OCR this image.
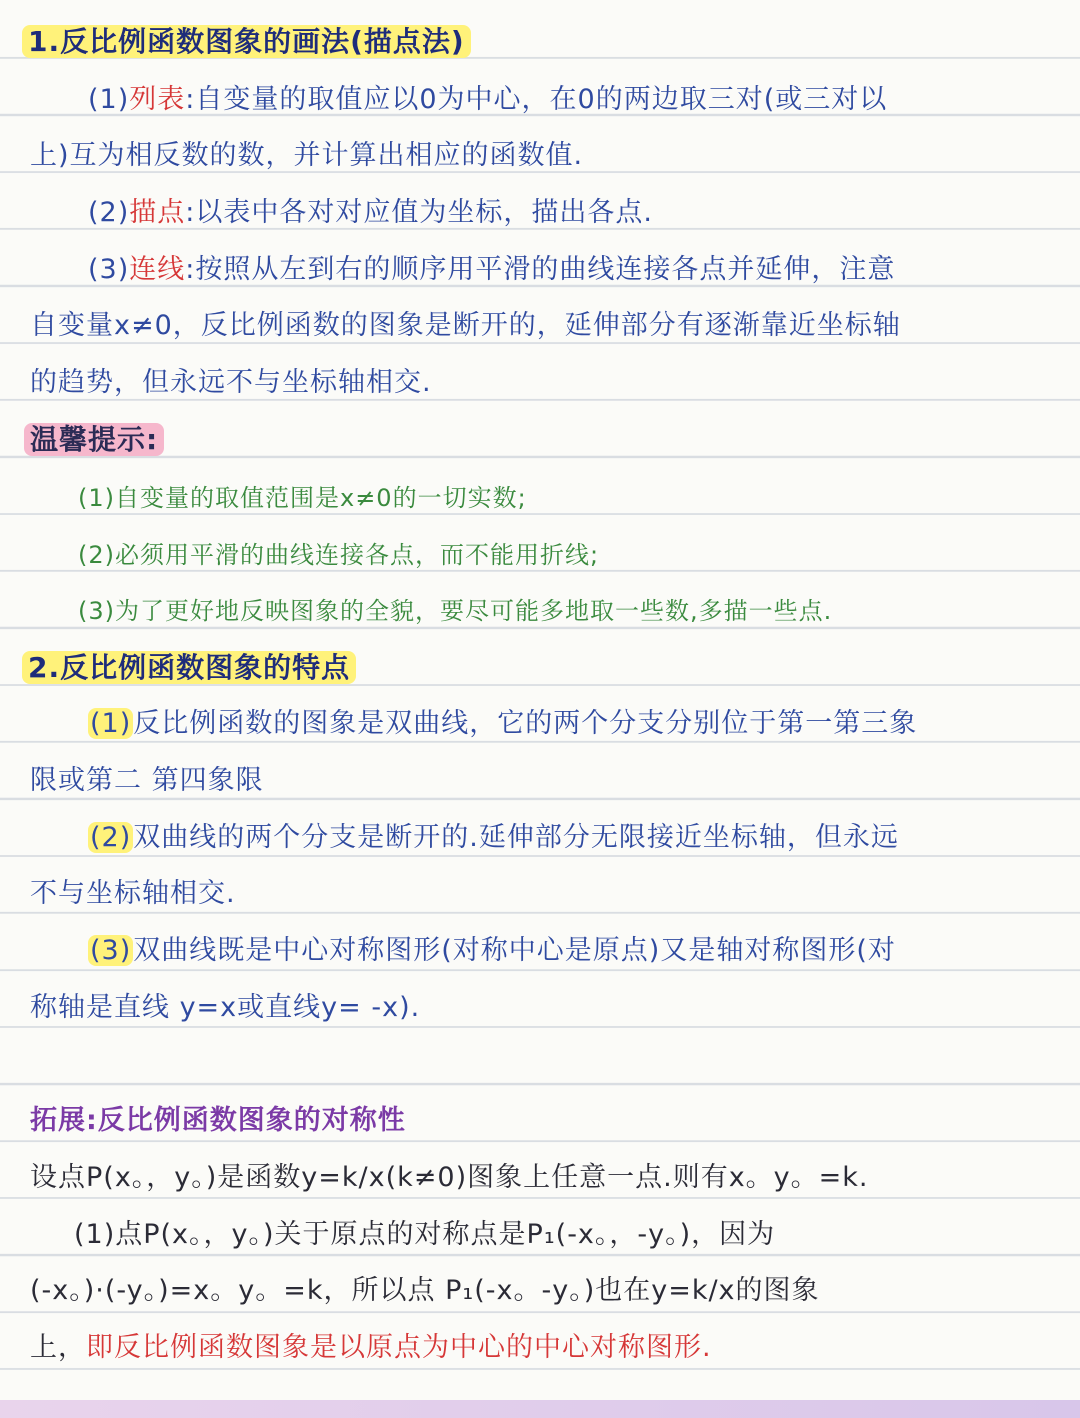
1.反比例函数图象的画法(描点法)
(1)列表:自变量的取值应以0为中心，在0的两边取三对(或三对以
上)互为相反数的数，并计算出相应的函数值.
(2)描点:以表中各对对应值为坐标，描出各点.
(3)连线:按照从左到右的顺序用平滑的曲线连接各点并延伸，注意
自变量x≠0，反比例函数的图象是断开的，延伸部分有逐渐靠近坐标轴
的趋势，但永远不与坐标轴相交.
温馨提示:
(1)自变量的取值范围是x≠0的一切实数;
(2)必须用平滑的曲线连接各点，而不能用折线;
(3)为了更好地反映图象的全貌，要尽可能多地取一些数,多描一些点.
2.反比例函数图象的特点
(1)反比例函数的图象是双曲线，它的两个分支分别位于第一第三象
限或第二 第四象限
(2)双曲线的两个分支是断开的.延伸部分无限接近坐标轴，但永远
不与坐标轴相交.
(3)双曲线既是中心对称图形(对称中心是原点)又是轴对称图形(对
称轴是直线 y=x或直线y= -x).
拓展:反比例函数图象的对称性
设点P(x。，y。)是函数y=k/x(k≠0)图象上任意一点.则有x。y。=k.
(1)点P(x。，y。)关于原点的对称点是P₁(-x。，-y。)，因为
(-x。)·(-y。)=x。y。=k，所以点 P₁(-x。-y。)也在y=k/x的图象
上，即反比例函数图象是以原点为中心的中心对称图形.
